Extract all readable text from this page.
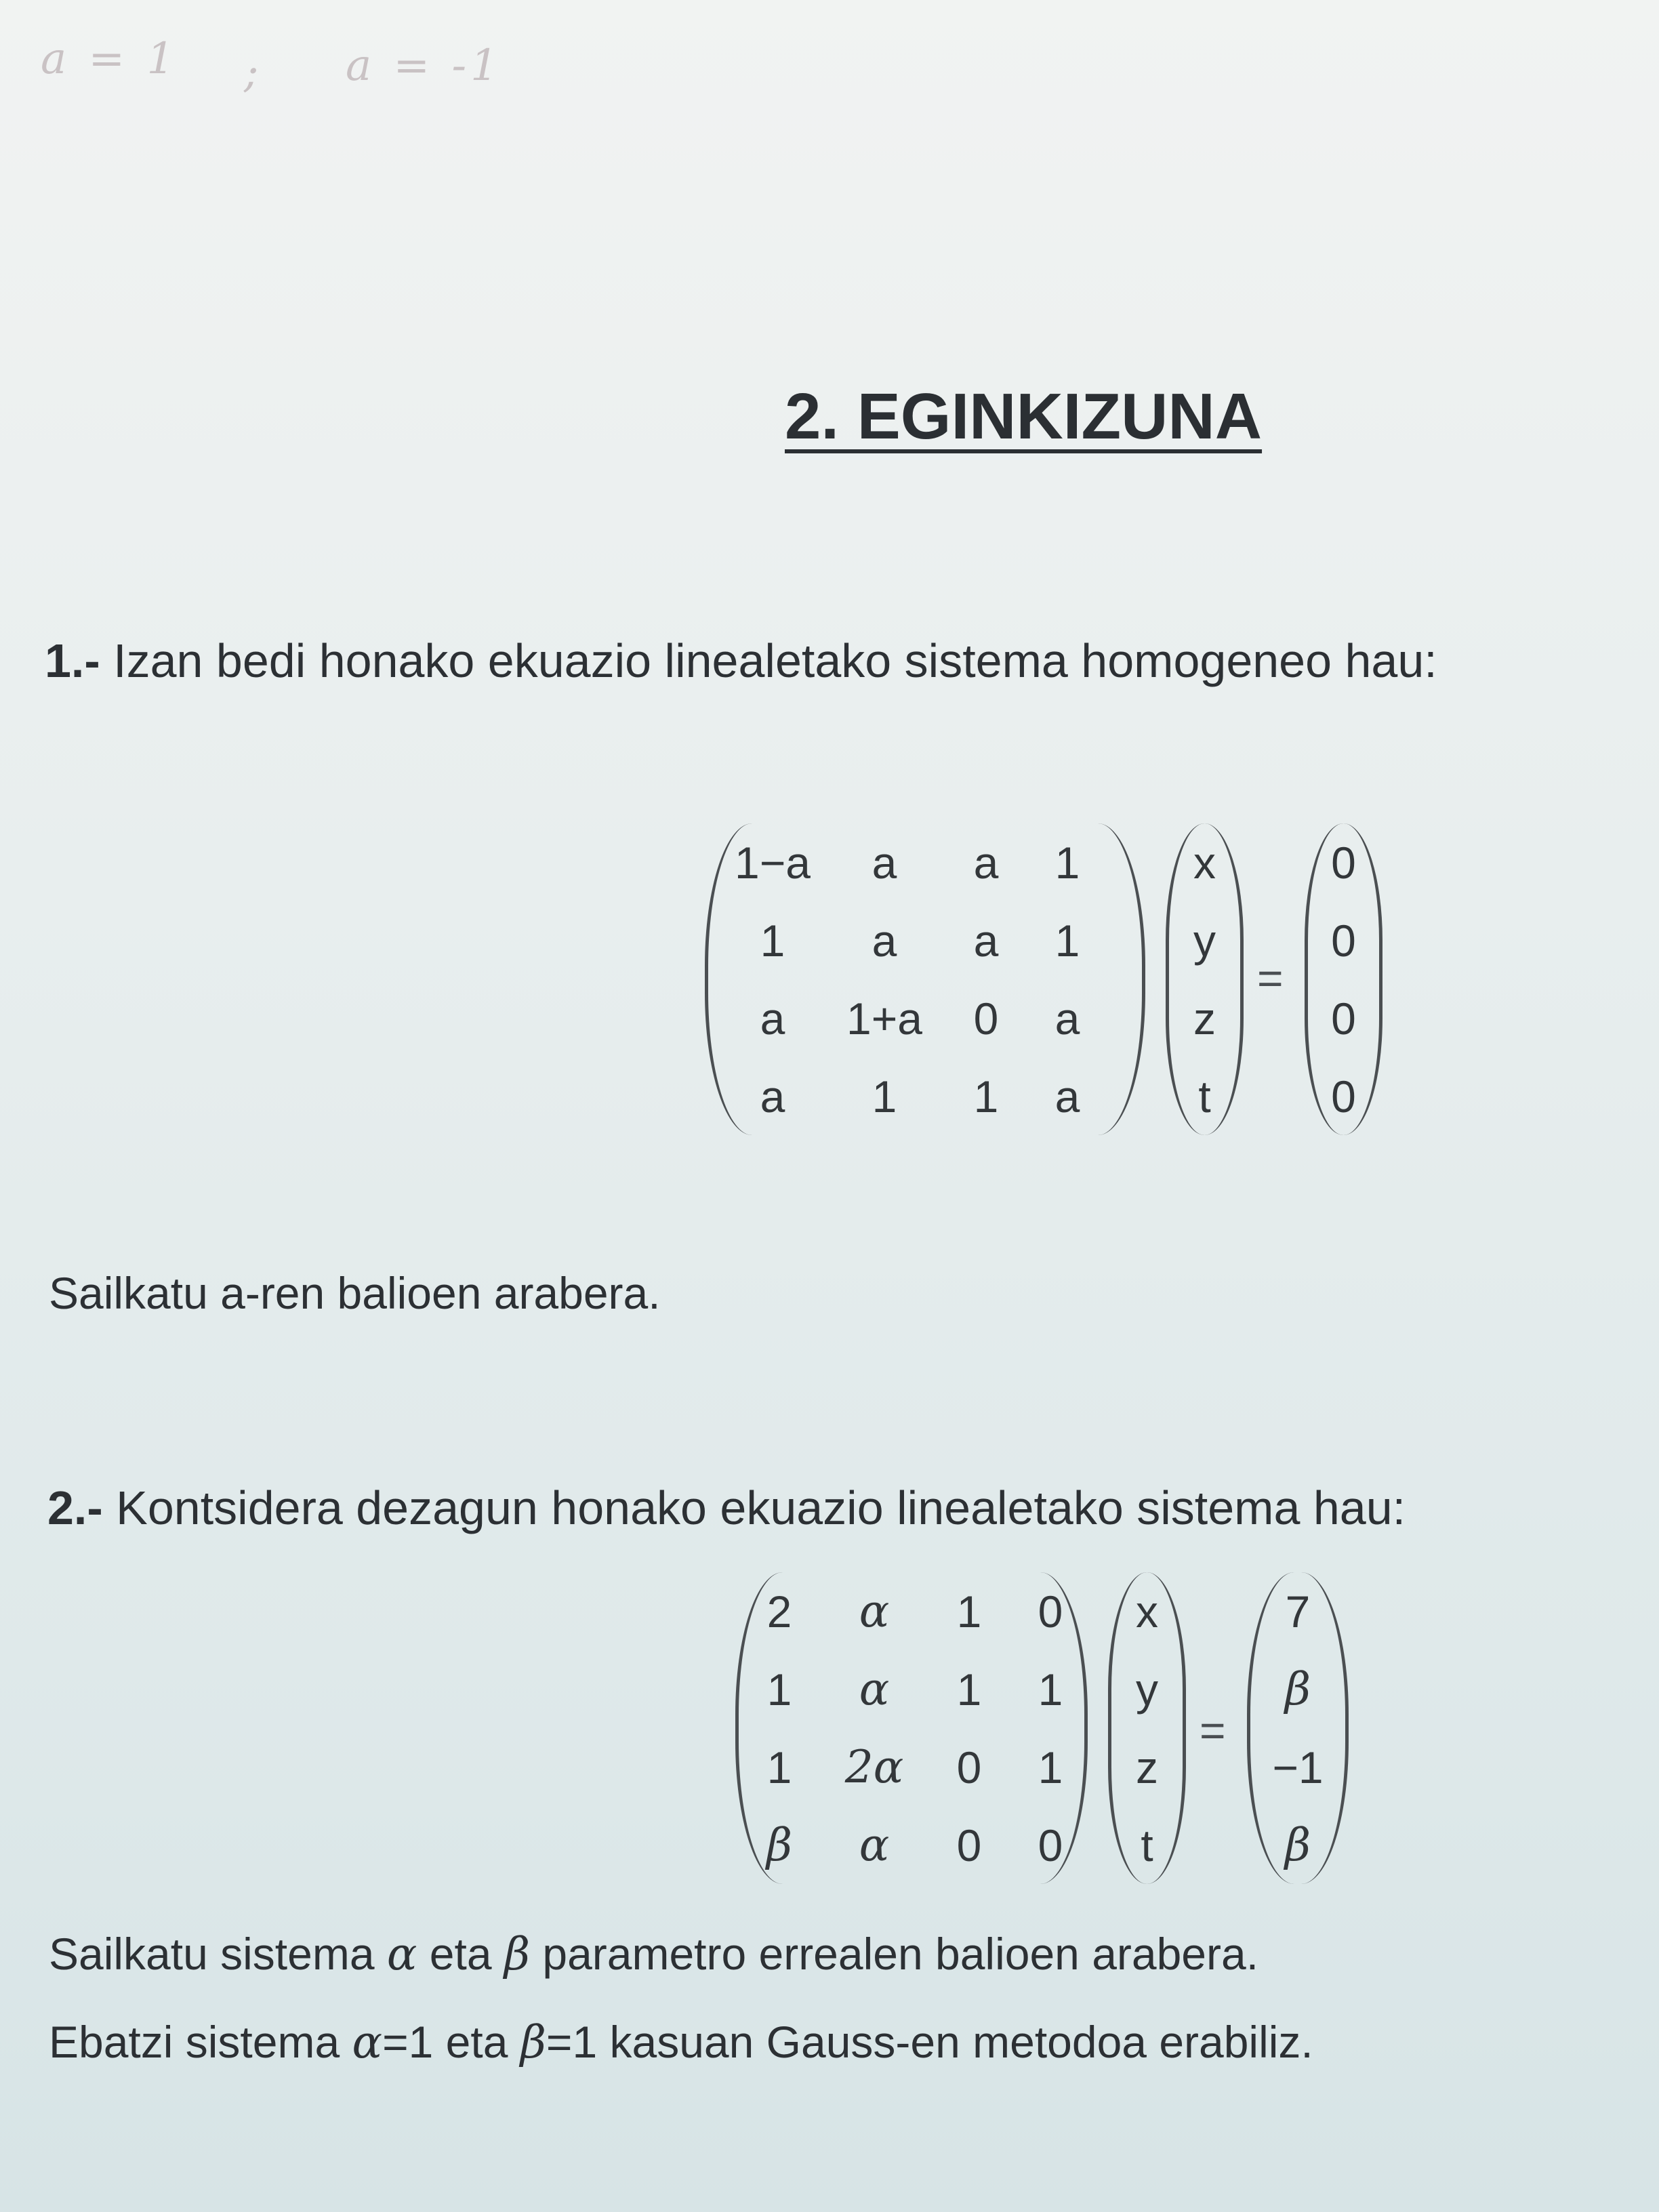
a = 1 ; a = -1
2. EGINKIZUNA
1.- Izan bedi honako ekuazio linealetako sistema homogeneo hau:
1−a a a 1
1 a a 1
a 1+a 0 a
a 1 1 a
x
y
z
t
=
0
0
0
0
Sailkatu a-ren balioen arabera.
2.- Kontsidera dezagun honako ekuazio linealetako sistema hau:
2 α 1 0
1 α 1 1
1 2α 0 1
β α 0 0
x
y
z
t
=
7
β
−1
β
Sailkatu sistema α eta β parametro errealen balioen arabera.
Ebatzi sistema α=1 eta β=1 kasuan Gauss-en metodoa erabiliz.
